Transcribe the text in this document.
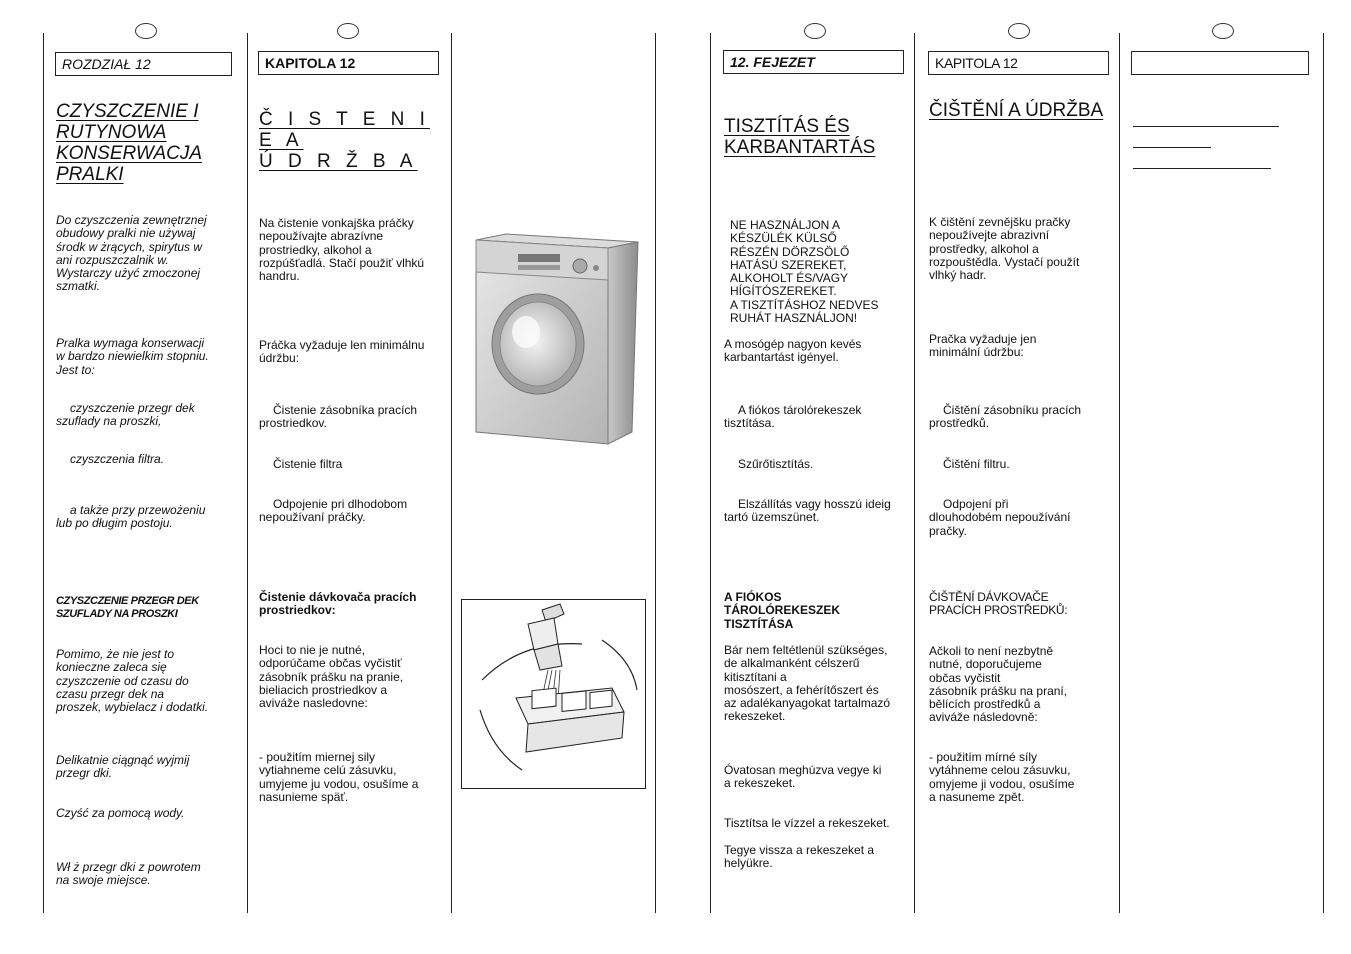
ROZDZIAŁ 12
CZYSZCZENIE I
RUTYNOWA
KONSERWACJA
PRALKI
Do czyszczenia zewnętrznej
obudowy pralki nie używaj
środk w żrących, spirytus w
ani rozpuszczalnik w.
Wystarczy użyć zmoczonej
szmatki.
Pralka wymaga konserwacji
w bardzo niewielkim stopniu.
Jest to:
czyszczenie przegr dek
szuflady na proszki,
czyszczenia filtra.
a także przy przewożeniu
lub po długim postoju.
CZYSZCZENIE PRZEGR DEK
SZUFLADY NA PROSZKI
Pomimo, że nie jest to
konieczne zaleca się
czyszczenie od czasu do
czasu przegr dek na
proszek, wybielacz i dodatki.
Delikatnie ciągnąć wyjmij
przegr dki.
Czyść za pomocą wody.
Wł ż przegr dki z powrotem
na swoje miejsce.
KAPITOLA 12
Č I S T E N I E A
Ú D R Ž B A
Na čistenie vonkajška práčky
nepoužívajte abrazívne
prostriedky, alkohol a
rozpúšťadlá. Stačí použiť vlhkú
handru.
Práčka vyžaduje len minimálnu
údržbu:
Čistenie zásobníka pracích
prostriedkov.
Čistenie filtra
Odpojenie pri dlhodobom
nepoužívaní práčky.
Čistenie dávkovača pracích
prostriedkov:
Hoci to nie je nutné,
odporúčame občas vyčistiť
zásobník prášku na pranie,
bieliacich prostriedkov a
aviváže nasledovne:
- použitím miernej sily
vytiahneme celú zásuvku,
umyjeme ju vodou, osušíme a
nasunieme späť.
12. FEJEZET
TISZTÍTÁS ÉS
KARBANTARTÁS
NE HASZNÁLJON A
KÉSZÜLÉK KÜLSŐ
RÉSZÉN DÖRZSÖLŐ
HATÁSÚ SZEREKET,
ALKOHOLT ÉS/VAGY
HÍGÍTÓSZEREKET.
A TISZTÍTÁSHOZ NEDVES
RUHÁT HASZNÁLJON!
A mosógép nagyon kevés
karbantartást igényel.
A fiókos tárolórekeszek
tisztítása.
Szűrőtisztítás.
Elszállítás vagy hosszú ideig
tartó üzemszünet.
A FIÓKOS
TÁROLÓREKESZEK
TISZTÍTÁSA
Bár nem feltétlenül szükséges,
de alkalmanként célszerű
kitisztítani a
mosószert, a fehérítőszert és
az adalékanyagokat tartalmazó
rekeszeket.
Óvatosan meghúzva vegye ki
a rekeszeket.
Tisztítsa le vízzel a rekeszeket.
Tegye vissza a rekeszeket a
helyükre.
KAPITOLA 12
ČIŠTĚNÍ A ÚDRŽBA
K čištění zevnějšku pračky
nepoužívejte abrazivní
prostředky, alkohol a
rozpouštědla. Vystačí použít
vlhký hadr.
Pračka vyžaduje jen
minimální údržbu:
Čištění zásobníku pracích
prostředků.
Čištění filtru.
Odpojení při
dlouhodobém nepoužívání
pračky.
ČIŠTĚNÍ DÁVKOVAČE
PRACÍCH PROSTŘEDKŮ:
Ačkoli to není nezbytně
nutné, doporučujeme
občas vyčistit
zásobník prášku na praní,
bělících prostředků a
aviváže následovně:
- použitím mírné síly
vytáhneme celou zásuvku,
omyjeme ji vodou, osušíme
a nasuneme zpět.
